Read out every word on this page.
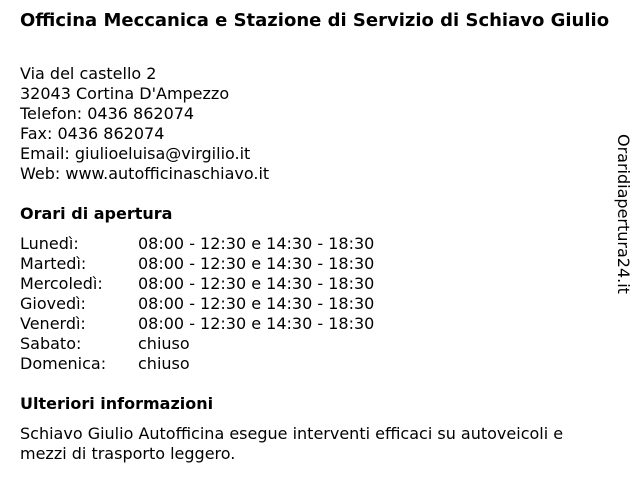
Officina Meccanica e Stazione di Servizio di Schiavo Giulio
Via del castello 2
32043 Cortina D'Ampezzo
Telefon: 0436 862074
Fax: 0436 862074
Email: giulioeluisa@virgilio.it
Web: www.autofficinaschiavo.it
Orari di apertura
Lunedì:	08:00 - 12:30 e 14:30 - 18:30
Martedì:	08:00 - 12:30 e 14:30 - 18:30
Mercoledì:	08:00 - 12:30 e 14:30 - 18:30
Giovedì:	08:00 - 12:30 e 14:30 - 18:30
Venerdì:	08:00 - 12:30 e 14:30 - 18:30
Sabato:	chiuso
Domenica:	chiuso
Ulteriori informazioni
Schiavo Giulio Autofficina esegue interventi efficaci su autoveicoli e
mezzi di trasporto leggero.
Oraridiapertura24.it
